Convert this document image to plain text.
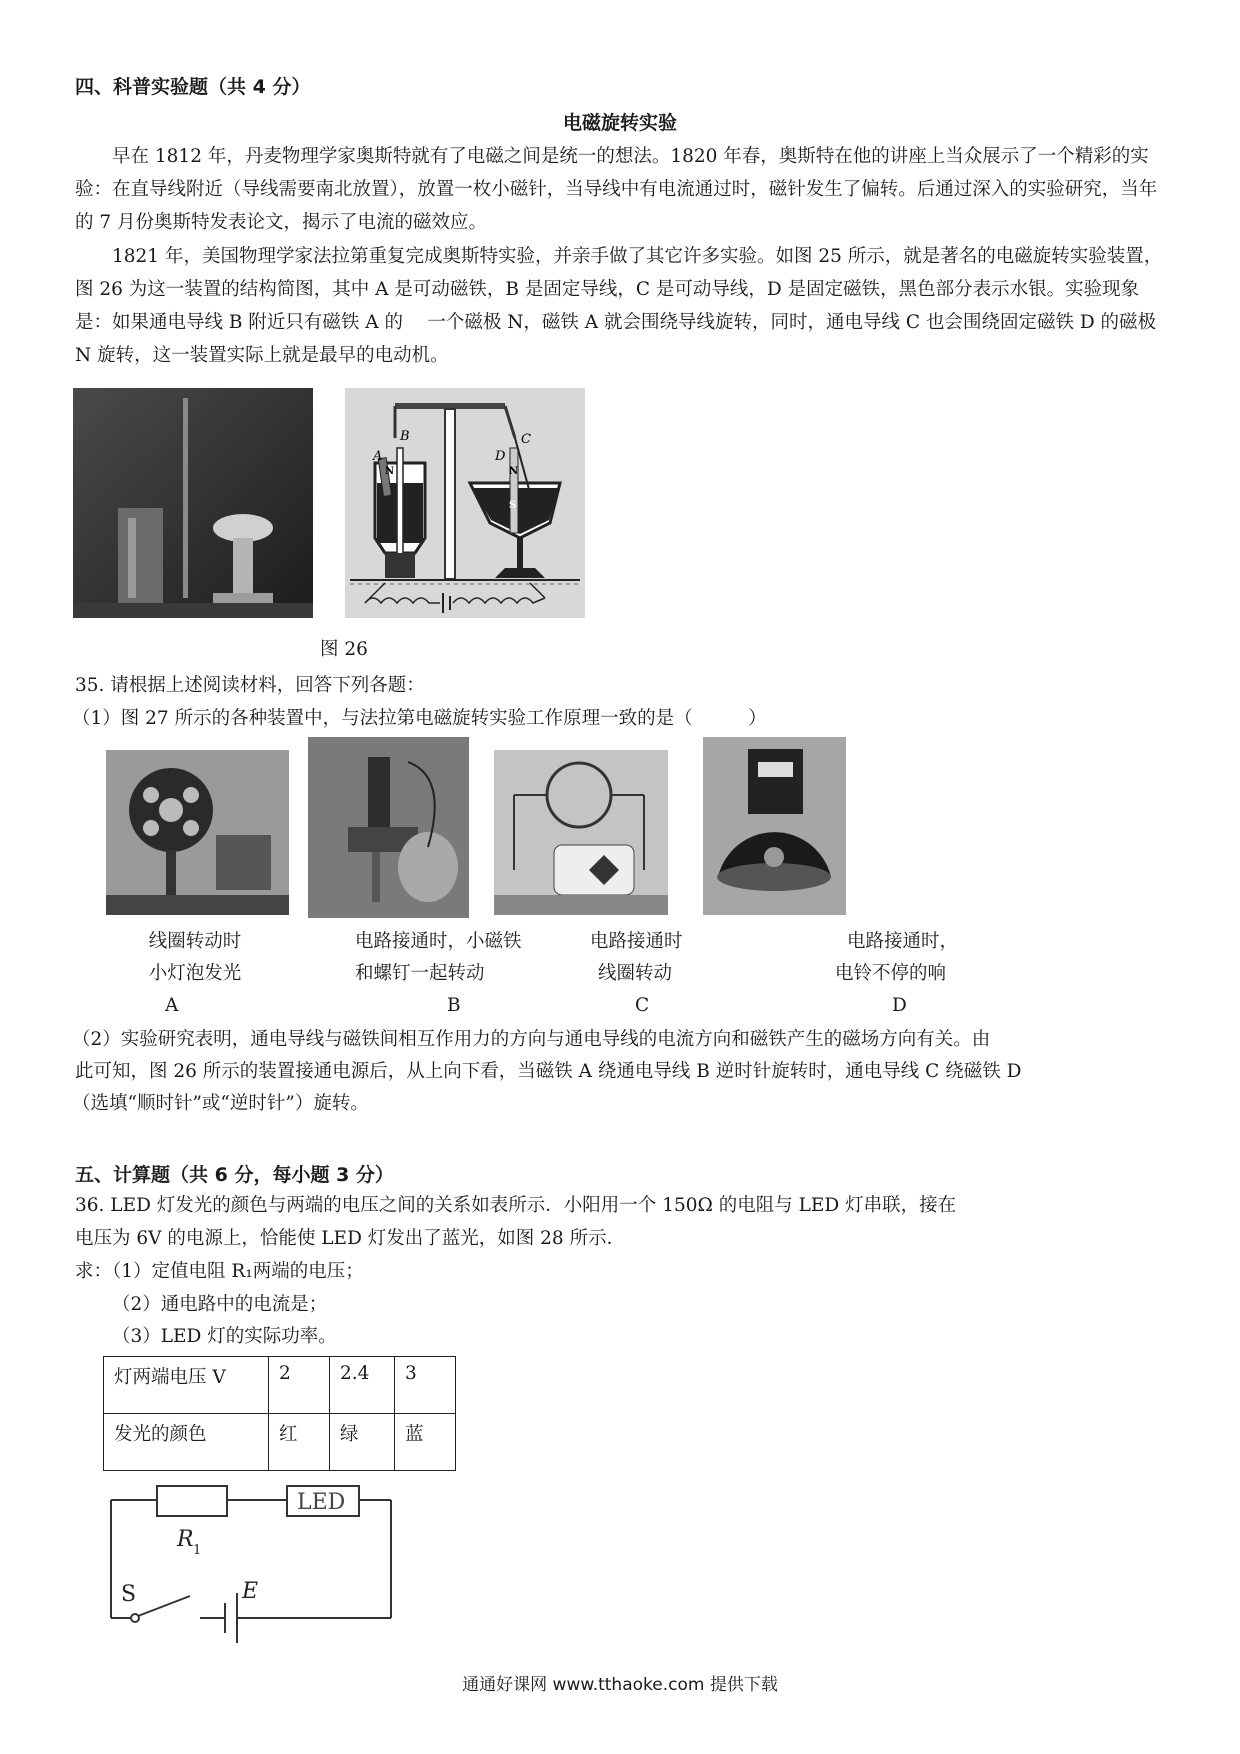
四、科普实验题（共 4 分）
电磁旋转实验

早在 1812 年，丹麦物理学家奥斯特就有了电磁之间是统一的想法。1820 年春，奥斯特在他的讲座上当众展示了一个精彩的实验：在直导线附近（导线需要南北放置），放置一枚小磁针，当导线中有电流通过时，磁针发生了偏转。后通过深入的实验研究，当年的 7 月份奥斯特发表论文，揭示了电流的磁效应。

1821 年，美国物理学家法拉第重复完成奥斯特实验，并亲手做了其它许多实验。如图 25 所示，就是著名的电磁旋转实验装置，图 26 为这一装置的结构简图，其中 A 是可动磁铁，B 是固定导线，C 是可动导线，D 是固定磁铁，黑色部分表示水银。实验现象是：如果通电导线 B 附近只有磁铁 A 的　 一个磁极 N，磁铁 A 就会围绕导线旋转，同时，通电导线 C 也会围绕固定磁铁 D 的磁极 N 旋转，这一装置实际上就是最早的电动机。

A
B
D
C
N	N
S
图 26
35. 请根据上述阅读材料，回答下列各题：
（1）图 27 所示的各种装置中，与法拉第电磁旋转实验工作原理一致的是（　　　）
线圈转动时
小灯泡发光
A
电路接通时，小磁铁
和螺钉一起转动
B
电路接通时
线圈转动
C
电路接通时，
电铃不停的响
D
（2）实验研究表明，通电导线与磁铁间相互作用力的方向与通电导线的电流方向和磁铁产生的磁场方向有关。由
此可知，图 26 所示的装置接通电源后，从上向下看，当磁铁 A 绕通电导线 B 逆时针旋转时，通电导线 C 绕磁铁 D
（选填“顺时针”或“逆时针”）旋转。
五、计算题（共 6 分，每小题 3 分）
36. LED 灯发光的颜色与两端的电压之间的关系如表所示．小阳用一个 150Ω 的电阻与 LED 灯串联，接在
电压为 6V 的电源上，恰能使 LED 灯发出了蓝光，如图 28 所示．
求：（1）定值电阻 R₁两端的电压；
（2）通电路中的电流是；
（3）LED 灯的实际功率。
灯两端电压 V	2	2.4	3
发光的颜色	红	绿	蓝
LED
R 1
S	E
通通好课网 www.tthaoke.com 提供下载
